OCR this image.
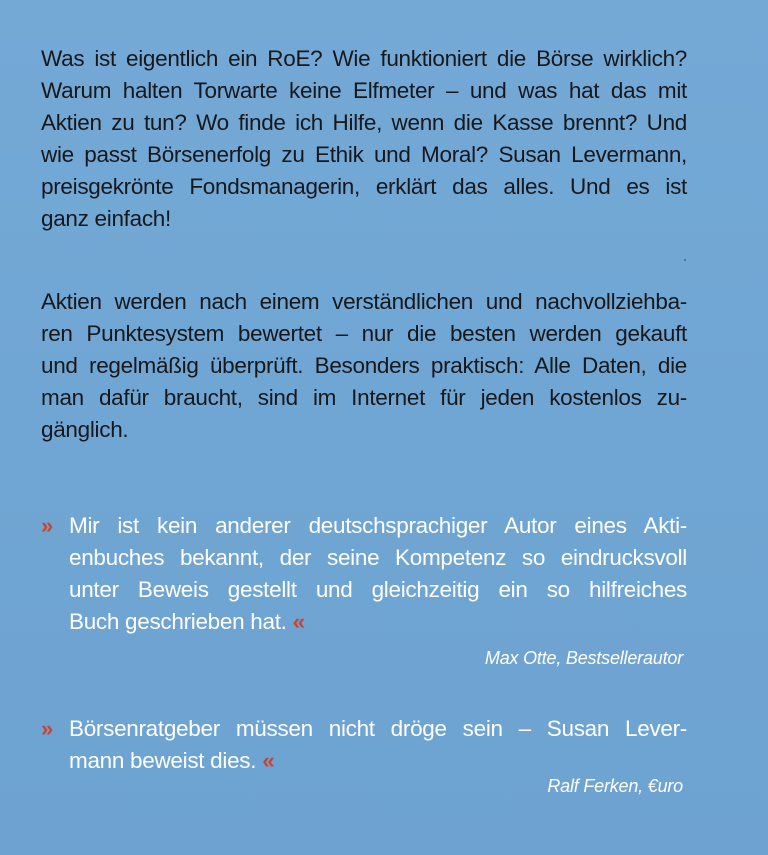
Was ist eigentlich ein RoE? Wie funktioniert die Börse wirklich?
Warum halten Torwarte keine Elfmeter – und was hat das mit
Aktien zu tun? Wo finde ich Hilfe, wenn die Kasse brennt? Und
wie passt Börsenerfolg zu Ethik und Moral? Susan Levermann,
preisgekrönte Fondsmanagerin, erklärt das alles. Und es ist
ganz einfach!
Aktien werden nach einem verständlichen und nachvollziehba-
ren Punktesystem bewertet – nur die besten werden gekauft
und regelmäßig überprüft. Besonders praktisch: Alle Daten, die
man dafür braucht, sind im Internet für jeden kostenlos zu-
gänglich.
» Mir ist kein anderer deutschsprachiger Autor eines Akti-
enbuches bekannt, der seine Kompetenz so eindrucksvoll
unter Beweis gestellt und gleichzeitig ein so hilfreiches
Buch geschrieben hat. «
Max Otte, Bestsellerautor
» Börsenratgeber müssen nicht dröge sein – Susan Lever-
mann beweist dies. «
Ralf Ferken, €uro
